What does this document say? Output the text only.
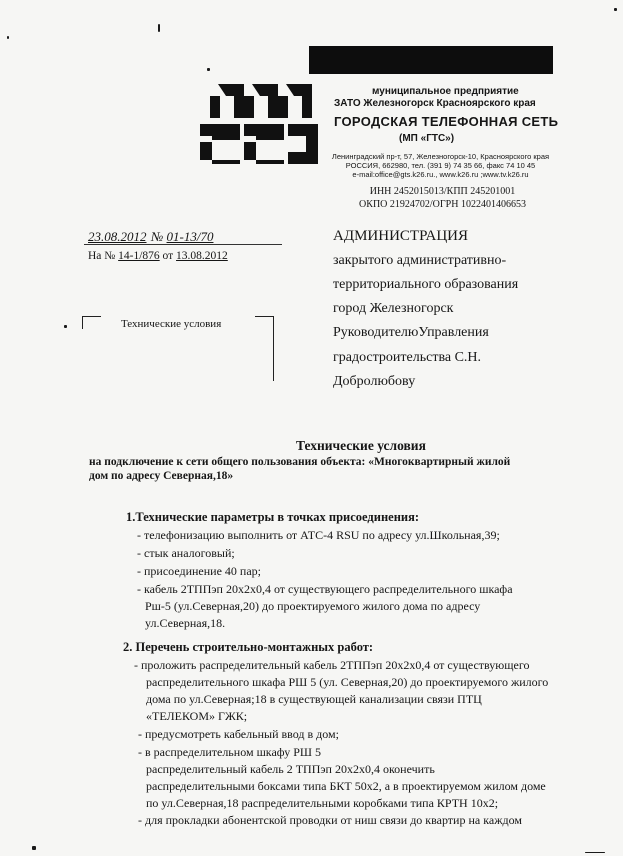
муниципальное предприятие
ЗАТО Железногорск Красноярского края
ГОРОДСКАЯ ТЕЛЕФОННАЯ СЕТЬ
(МП «ГТС»)
Ленинградский пр-т, 57, Железногорск-10, Красноярского края
РОССИЯ, 662980, тел. (391 9) 74 35 66, факс 74 10 45
e-mail:office@gts.k26.ru., www.k26.ru ;www.tv.k26.ru
ИНН 2452015013/КПП 245201001
ОКПО 21924702/ОГРН 1022401406653
23.08.2012 № 01-13/70
На № 14-1/876 от 13.08.2012
Технические условия
АДМИНИСТРАЦИЯ
закрытого административно-
территориального образования
город Железногорск
РуководителюУправления
градостроительства С.Н.
Добролюбову
Технические условия
на подключение к сети общего пользования объекта: «Многоквартирный жилой
дом по адресу Северная,18»
1.Технические параметры в точках присоединения:
- телефонизацию выполнить от АТС-4 RSU по адресу ул.Школьная,39;
- стык аналоговый;
- присоединение 40 пар;
- кабель 2ТППэп 20х2х0,4 от существующего распределительного шкафа
Рш-5 (ул.Северная,20) до проектируемого жилого дома по адресу
ул.Северная,18.
2. Перечень строительно-монтажных работ:
- проложить распределительный кабель 2ТППэп 20х2х0,4 от существующего
распределительного шкафа РШ 5 (ул. Северная,20) до проектируемого жилого
дома по ул.Северная;18 в существующей канализации связи ПТЦ
«ТЕЛЕКОМ» ГЖК;
- предусмотреть кабельный ввод в дом;
- в распределительном шкафу РШ 5
распределительный кабель 2 ТППэп 20х2х0,4 оконечить
распределительными боксами типа БКТ 50х2, а в проектируемом жилом доме
по ул.Северная,18 распределительными коробками типа КРТН 10х2;
- для прокладки абонентской проводки от ниш связи до квартир на каждом
